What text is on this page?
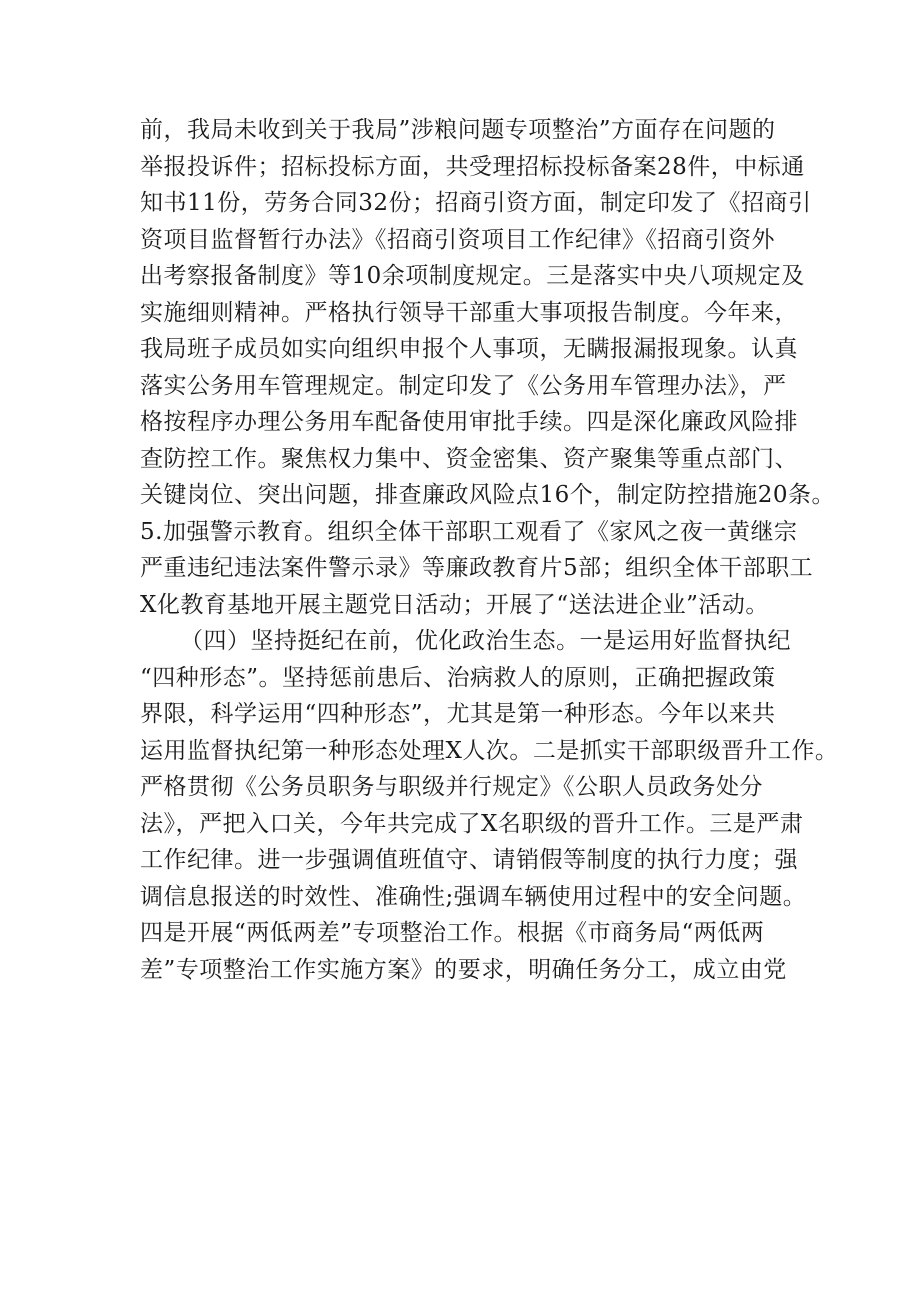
前，我局未收到关于我局”涉粮问题专项整治”方面存在问题的
举报投诉件；招标投标方面，共受理招标投标备案28件，中标通
知书11份，劳务合同32份；招商引资方面，制定印发了《招商引
资项目监督暂行办法》《招商引资项目工作纪律》《招商引资外
出考察报备制度》等10余项制度规定。三是落实中央八项规定及
实施细则精神。严格执行领导干部重大事项报告制度。今年来，
我局班子成员如实向组织申报个人事项，无瞒报漏报现象。认真
落实公务用车管理规定。制定印发了《公务用车管理办法》，严
格按程序办理公务用车配备使用审批手续。四是深化廉政风险排
查防控工作。聚焦权力集中、资金密集、资产聚集等重点部门、
关键岗位、突出问题，排查廉政风险点16个，制定防控措施20条。
5.加强警示教育。组织全体干部职工观看了《家风之夜一黄继宗
严重违纪违法案件警示录》等廉政教育片5部；组织全体干部职工
X化教育基地开展主题党日活动；开展了“送法进企业”活动。
（四）坚持挺纪在前，优化政治生态。一是运用好监督执纪
“四种形态”。坚持惩前患后、治病救人的原则，正确把握政策
界限，科学运用“四种形态”，尤其是第一种形态。今年以来共
运用监督执纪第一种形态处理X人次。二是抓实干部职级晋升工作。
严格贯彻《公务员职务与职级并行规定》《公职人员政务处分
法》，严把入口关，今年共完成了X名职级的晋升工作。三是严肃
工作纪律。进一步强调值班值守、请销假等制度的执行力度；强
调信息报送的时效性、准确性;强调车辆使用过程中的安全问题。
四是开展“两低两差”专项整治工作。根据《市商务局“两低两
差”专项整治工作实施方案》的要求，明确任务分工，成立由党
